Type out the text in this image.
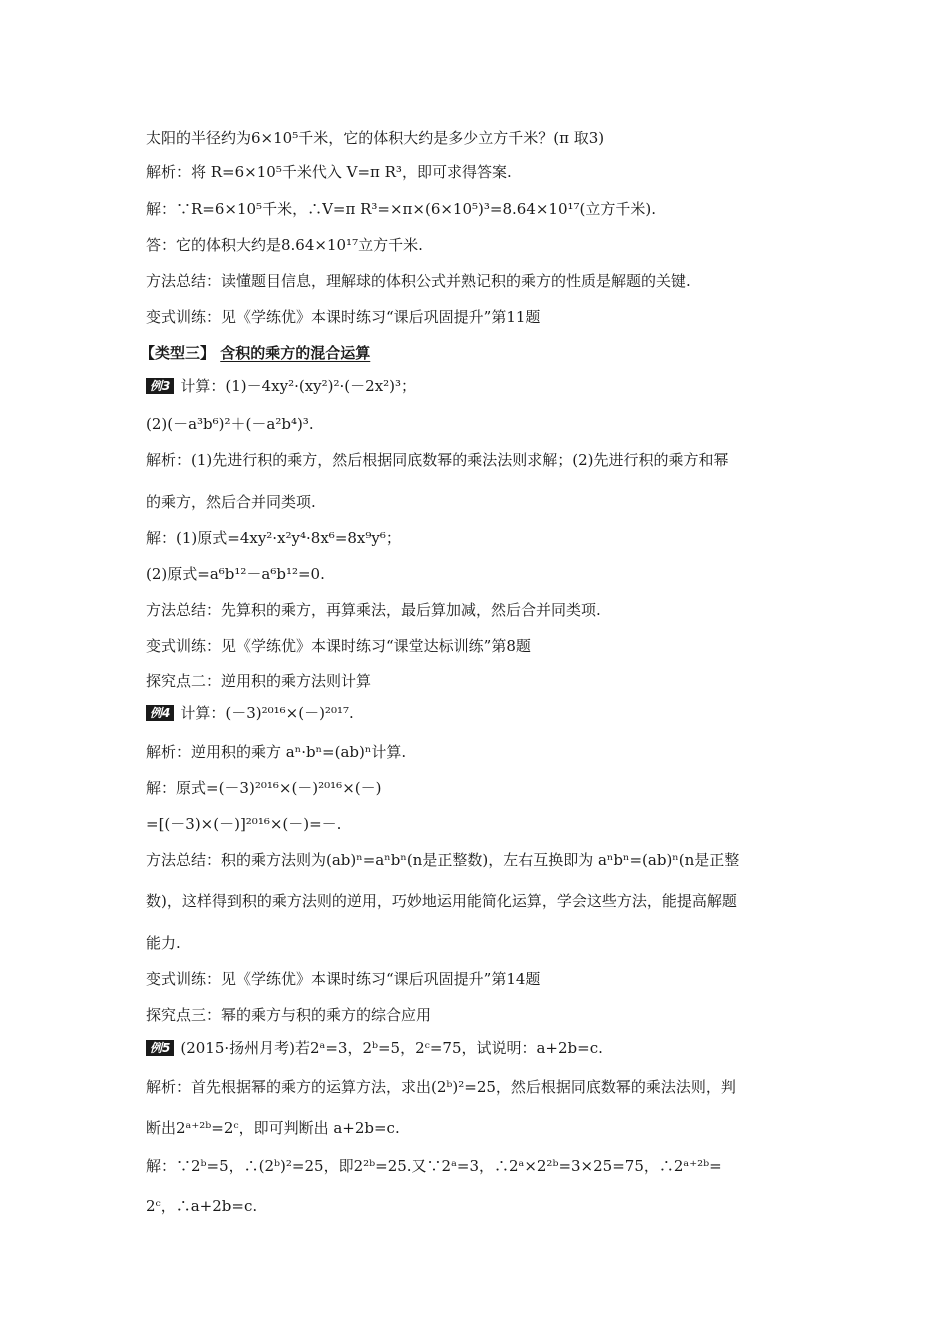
太阳的半径约为6×10⁵千米，它的体积大约是多少立方千米？(π 取3)
解析：将 R=6×10⁵千米代入 V=π R³，即可求得答案.
解：∵R=6×10⁵千米，∴V=π R³=×π×(6×10⁵)³=8.64×10¹⁷(立方千米).
答：它的体积大约是8.64×10¹⁷立方千米.
方法总结：读懂题目信息，理解球的体积公式并熟记积的乘方的性质是解题的关键.
变式训练：见《学练优》本课时练习“课后巩固提升”第11题
【类型三】 含积的乘方的混合运算
例3 计算：(1)－4xy²·(xy²)²·(－2x²)³；
(2)(－a³b⁶)²＋(－a²b⁴)³.
解析：(1)先进行积的乘方，然后根据同底数幂的乘法法则求解；(2)先进行积的乘方和幂
的乘方，然后合并同类项.
解：(1)原式=4xy²·x²y⁴·8x⁶=8x⁹y⁶；
(2)原式=a⁶b¹²－a⁶b¹²=0.
方法总结：先算积的乘方，再算乘法，最后算加减，然后合并同类项.
变式训练：见《学练优》本课时练习“课堂达标训练”第8题
探究点二：逆用积的乘方法则计算
例4 计算：(－3)²⁰¹⁶×(－)²⁰¹⁷.
解析：逆用积的乘方 aⁿ·bⁿ=(ab)ⁿ计算.
解：原式=(－3)²⁰¹⁶×(－)²⁰¹⁶×(－)
=[(－3)×(－)]²⁰¹⁶×(－)=－.
方法总结：积的乘方法则为(ab)ⁿ=aⁿbⁿ(n是正整数)，左右互换即为 aⁿbⁿ=(ab)ⁿ(n是正整
数)，这样得到积的乘方法则的逆用，巧妙地运用能简化运算，学会这些方法，能提高解题
能力.
变式训练：见《学练优》本课时练习“课后巩固提升”第14题
探究点三：幂的乘方与积的乘方的综合应用
例5 (2015·扬州月考)若2ᵃ=3，2ᵇ=5，2ᶜ=75，试说明：a+2b=c.
解析：首先根据幂的乘方的运算方法，求出(2ᵇ)²=25，然后根据同底数幂的乘法法则，判
断出2ᵃ⁺²ᵇ=2ᶜ，即可判断出 a+2b=c.
解：∵2ᵇ=5，∴(2ᵇ)²=25，即2²ᵇ=25.又∵2ᵃ=3，∴2ᵃ×2²ᵇ=3×25=75，∴2ᵃ⁺²ᵇ=
2ᶜ，∴a+2b=c.
